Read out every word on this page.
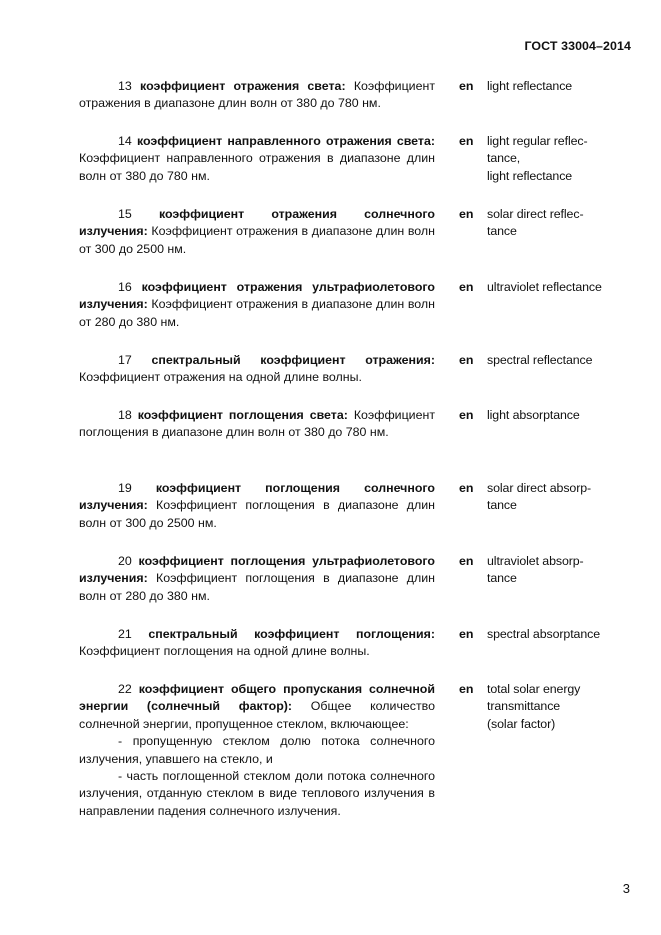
ГОСТ 33004–2014

13 коэффициент отражения света: Коэффициент отражения в диапазоне длин волн от 380 до 780 нм.

en light reflectance

14 коэффициент направленного отражения света: Коэффициент направленного отражения в диапазоне длин волн от 380 до 780 нм.

en light regular reflec-
tance,
light reflectance

15 коэффициент отражения солнечного излучения: Коэффициент отражения в диапазоне длин волн от 300 до 2500 нм.

en solar direct reflec-
tance

16 коэффициент отражения ультрафиолетового излучения: Коэффициент отражения в диапазоне длин волн от 280 до 380 нм.

en ultraviolet reflectance

17 спектральный коэффициент отражения: Коэффициент отражения на одной длине волны.

en spectral reflectance

18 коэффициент поглощения света: Коэффициент поглощения в диапазоне длин волн от 380 до 780 нм.

en light absorptance

19 коэффициент поглощения солнечного излучения: Коэффициент поглощения в диапазоне длин волн от 300 до 2500 нм.

en solar direct absorp-
tance

20 коэффициент поглощения ультрафиолетового излучения: Коэффициент поглощения в диапазоне длин волн от 280 до 380 нм.

en ultraviolet absorp-
tance

21 спектральный коэффициент поглощения: Коэффициент поглощения на одной длине волны.

en spectral absorptance

22 коэффициент общего пропускания солнечной энергии (солнечный фактор): Общее количество солнечной энергии, пропущенное стеклом, включающее:

- пропущенную стеклом долю потока солнечного излучения, упавшего на стекло, и

- часть поглощенной стеклом доли потока солнечного излучения, отданную стеклом в виде теплового излучения в направлении падения солнечного излучения.

en total solar energy
transmittance
(solar factor)
3
